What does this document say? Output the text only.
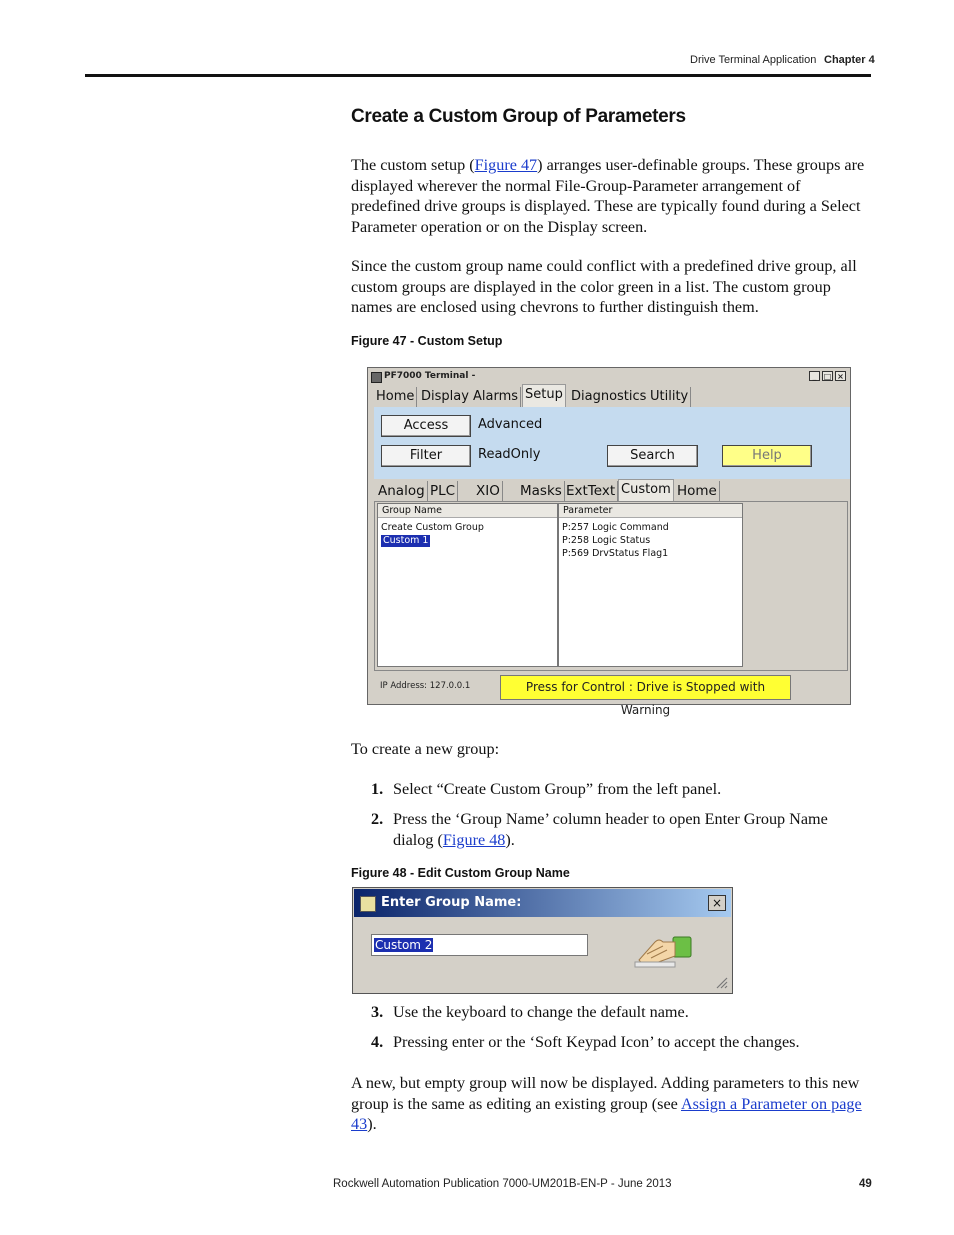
Drive Terminal Application Chapter 4
Create a Custom Group of Parameters

The custom setup (Figure 47) arranges user-definable groups. These groups are displayed wherever the normal File-Group-Parameter arrangement of predefined drive groups is displayed. These are typically found during a Select Parameter operation or on the Display screen.

Since the custom group name could conflict with a predefined drive group, all custom groups are displayed in the color green in a list. The custom group names are enclosed using chevrons to further distinguish them.

Figure 47 - Custom Setup
PF7000 Terminal -	_ □ ×
Home Display Alarms Setup Diagnostics Utility
Access	Advanced
Filter	ReadOnly	Search	Help
Analog PLC XIO Masks ExtText Custom Home
Group Name
Create Custom Group
Custom 1
Parameter
P:257 Logic Command
P:258 Logic Status
P:569 DrvStatus Flag1
IP Address: 127.0.0.1	Press for Control : Drive is Stopped with Warning

To create a new group:

1. Select “Create Custom Group” from the left panel.
2. Press the ‘Group Name’ column header to open Enter Group Name dialog (Figure 48).
Figure 48 - Edit Custom Group Name
Enter Group Name:	×
Custom 2
3. Use the keyboard to change the default name.
4. Pressing enter or the ‘Soft Keypad Icon’ to accept the changes.

A new, but empty group will now be displayed. Adding parameters to this new group is the same as editing an existing group (see Assign a Parameter on page 43).

Rockwell Automation Publication 7000-UM201B-EN-P - June 2013	49
